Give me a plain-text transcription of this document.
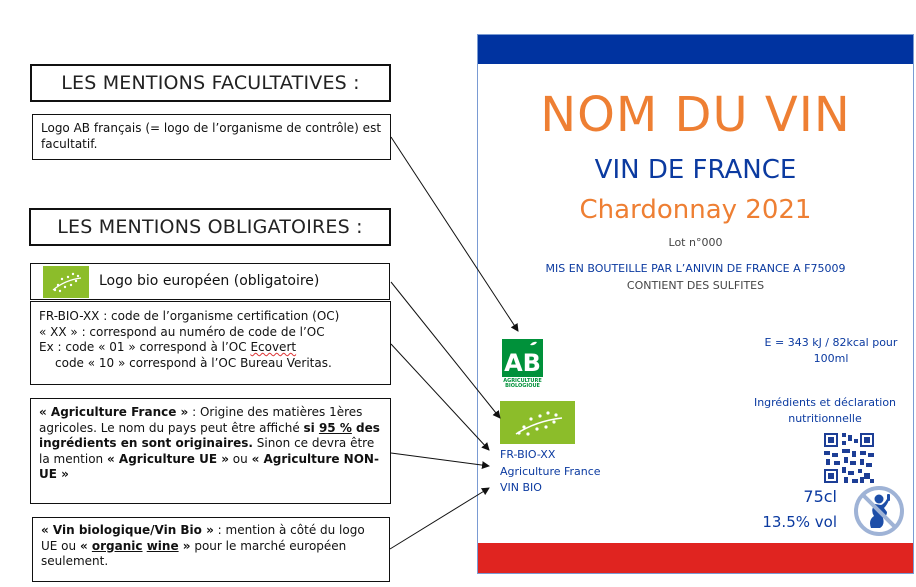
LES MENTIONS FACULTATIVES :
Logo AB français (= logo de l’organisme de contrôle) est facultatif.
LES MENTIONS OBLIGATOIRES :
Logo bio européen (obligatoire)
FR-BIO-XX : code de l’organisme certification (OC)
« XX » : correspond au numéro de code de l’OC
Ex : code « 01 » correspond à l’OC Ecovert
code « 10 » correspond à l’OC Bureau Veritas.
« Agriculture France » : Origine des matières 1ères agricoles. Le nom du pays peut être affiché si 95 % des ingrédients en sont originaires. Sinon ce devra être la mention « Agriculture UE » ou « Agriculture NON-UE »
« Vin biologique/Vin Bio » : mention à côté du logo UE ou « organic wine » pour le marché européen seulement.
NOM DU VIN
VIN DE FRANCE
Chardonnay 2021
Lot n°000
MIS EN BOUTEILLE PAR L’ANIVIN DE FRANCE A F75009
CONTIENT DES SULFITES
AB
AGRICULTURE
BIOLOGIQUE
FR-BIO-XX
Agriculture France
VIN BIO
E = 343 kJ / 82kcal pour
100ml
Ingrédients et déclaration
nutritionnelle
75cl
13.5% vol
